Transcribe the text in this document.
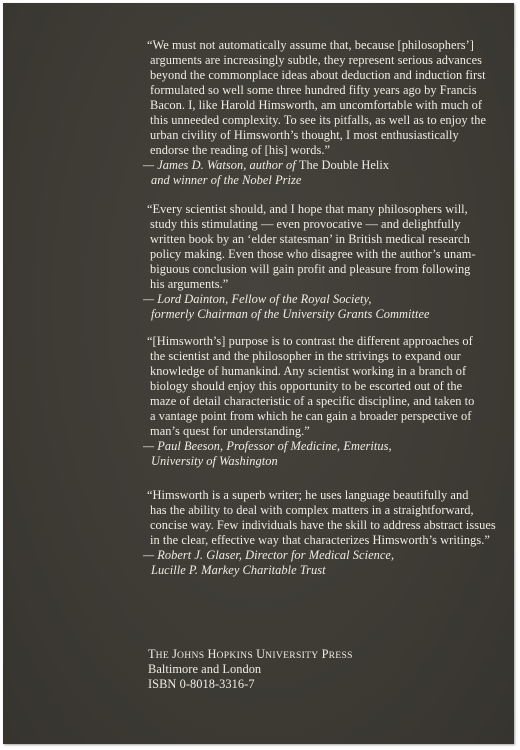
“We must not automatically assume that, because [philosophers’]
arguments are increasingly subtle, they represent serious advances
beyond the commonplace ideas about deduction and induction first
formulated so well some three hundred fifty years ago by Francis
Bacon. I, like Harold Himsworth, am uncomfortable with much of
this unneeded complexity. To see its pitfalls, as well as to enjoy the
urban civility of Himsworth’s thought, I most enthusiastically
endorse the reading of [his] words.”
— James D. Watson, author of The Double Helix
and winner of the Nobel Prize
“Every scientist should, and I hope that many philosophers will,
study this stimulating — even provocative — and delightfully
written book by an ‘elder statesman’ in British medical research
policy making. Even those who disagree with the author’s unam-
biguous conclusion will gain profit and pleasure from following
his arguments.”
— Lord Dainton, Fellow of the Royal Society,
formerly Chairman of the University Grants Committee
“[Himsworth’s] purpose is to contrast the different approaches of
the scientist and the philosopher in the strivings to expand our
knowledge of humankind. Any scientist working in a branch of
biology should enjoy this opportunity to be escorted out of the
maze of detail characteristic of a specific discipline, and taken to
a vantage point from which he can gain a broader perspective of
man’s quest for understanding.”
— Paul Beeson, Professor of Medicine, Emeritus,
University of Washington
“Himsworth is a superb writer; he uses language beautifully and
has the ability to deal with complex matters in a straightforward,
concise way. Few individuals have the skill to address abstract issues
in the clear, effective way that characterizes Himsworth’s writings.”
— Robert J. Glaser, Director for Medical Science,
Lucille P. Markey Charitable Trust
THE JOHNS HOPKINS UNIVERSITY PRESS
Baltimore and London
ISBN 0-8018-3316-7
